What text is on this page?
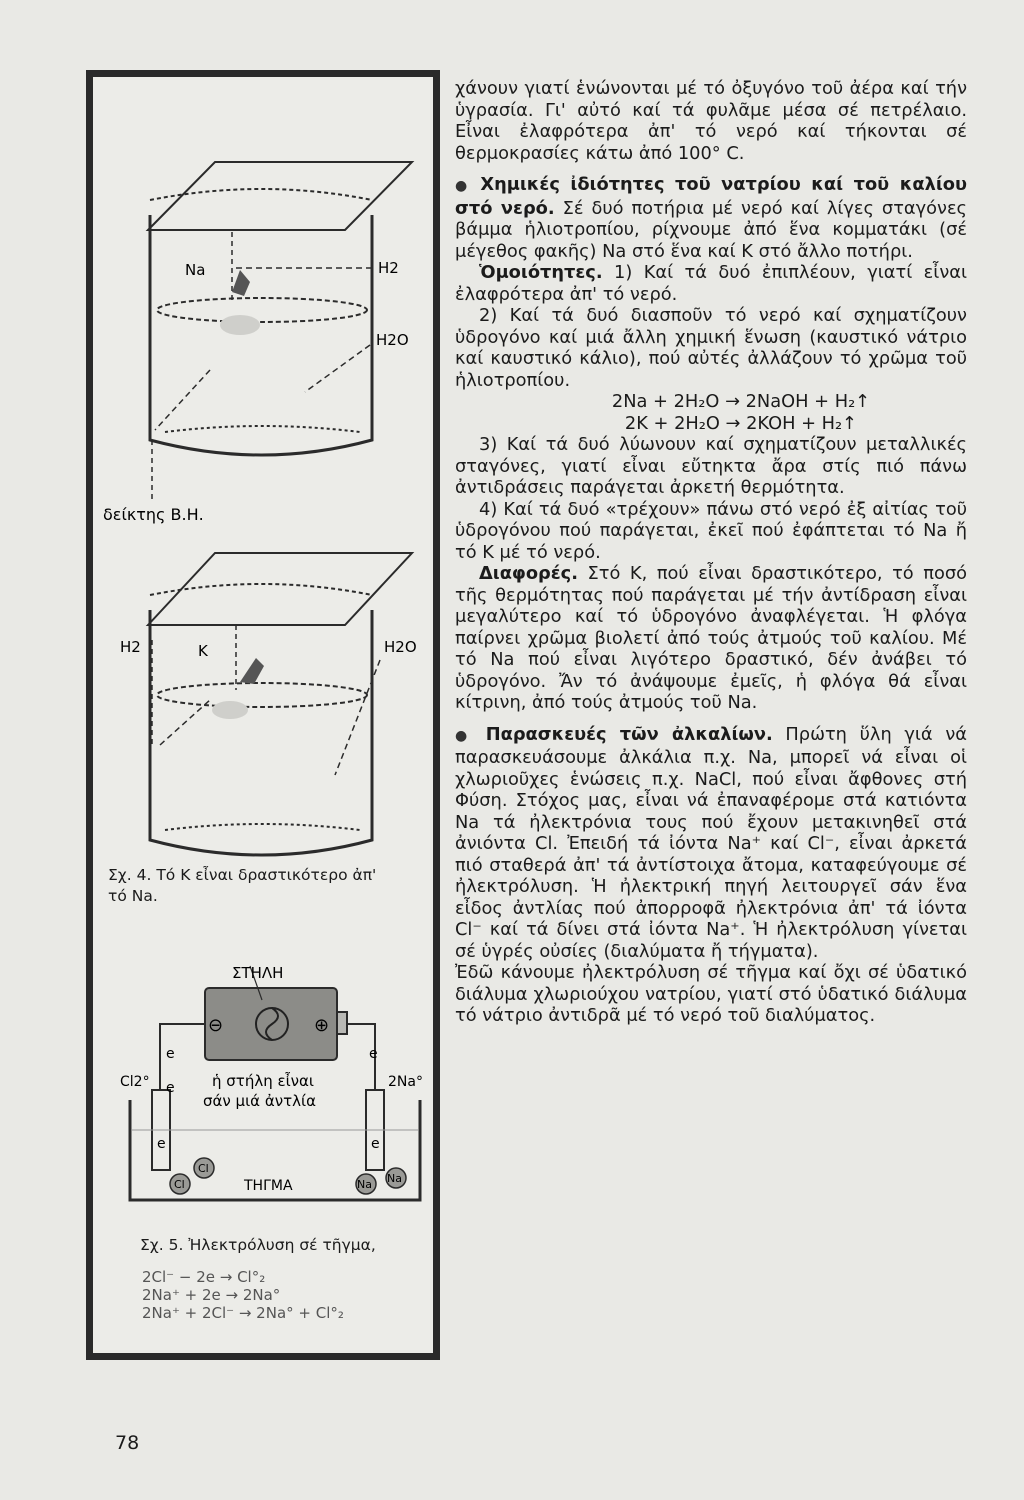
Na	H2
H2O
δείκτης Β.Η.
H2	K	H2O
ΣΤΗΛΗ
⊖	⊕
e	e
e
e	e
Cl2°	2Na°
ἡ στήλη εἶναι
σάν μιά ἀντλία
Cl
Cl	Na Na
ΤΗΓΜΑ
Σχ. 4. Τό Κ εἶναι δραστικότερο ἀπ'
τό Na.
Σχ. 5. Ἠλεκτρόλυση σέ τῆγμα,
2Cl⁻ − 2e → Cl°₂
2Na⁺ + 2e → 2Na°
2Na⁺ + 2Cl⁻ → 2Na° + Cl°₂

χάνουν γιατί ἑνώνονται μέ τό ὀξυγόνο τοῦ ἀέρα καί τήν ὑγρασία. Γι' αὐτό καί τά φυλᾶμε μέσα σέ πετρέλαιο. Εἶναι ἐλαφρότερα ἀπ' τό νερό καί τήκονται σέ θερμοκρασίες κάτω ἀπό 100° C.

● Χημικές ἰδιότητες τοῦ νατρίου καί τοῦ καλίου στό νερό. Σέ δυό ποτήρια μέ νερό καί λίγες σταγόνες βάμμα ἡλιοτροπίου, ρίχνουμε ἀπό ἕνα κομματάκι (σέ μέγεθος φακῆς) Na στό ἕνα καί K στό ἄλλο ποτήρι.

Ὁμοιότητες. 1) Καί τά δυό ἐπιπλέουν, γιατί εἶναι ἐλαφρότερα ἀπ' τό νερό.

2) Καί τά δυό διασποῦν τό νερό καί σχηματίζουν ὑδρογόνο καί μιά ἄλλη χημική ἕνωση (καυστικό νάτριο καί καυστικό κάλιο), πού αὐτές ἀλλάζουν τό χρῶμα τοῦ ἡλιοτροπίου.

2Na + 2H₂O → 2NaOH + H₂↑

2K + 2H₂O → 2KOH + H₂↑

3) Καί τά δυό λύωνουν καί σχηματίζουν μεταλλικές σταγόνες, γιατί εἶναι εὔτηκτα ἄρα στίς πιό πάνω ἀντιδράσεις παράγεται ἀρκετή θερμότητα.

4) Καί τά δυό «τρέχουν» πάνω στό νερό ἐξ αἰτίας τοῦ ὑδρογόνου πού παράγεται, ἐκεῖ πού ἐφάπτεται τό Na ἤ τό K μέ τό νερό.

Διαφορές. Στό K, πού εἶναι δραστικότερο, τό ποσό τῆς θερμότητας πού παράγεται μέ τήν ἀντίδραση εἶναι μεγαλύτερο καί τό ὑδρογόνο ἀναφλέγεται. Ἡ φλόγα παίρνει χρῶμα βιολετί ἀπό τούς ἀτμούς τοῦ καλίου. Μέ τό Na πού εἶναι λιγότερο δραστικό, δέν ἀνάβει τό ὑδρογόνο. Ἄν τό ἀνάψουμε ἐμεῖς, ἡ φλόγα θά εἶναι κίτρινη, ἀπό τούς ἀτμούς τοῦ Na.

● Παρασκευές τῶν ἀλκαλίων. Πρώτη ὕλη γιά νά παρασκευάσουμε ἀλκάλια π.χ. Na, μπορεῖ νά εἶναι οἱ χλωριοῦχες ἑνώσεις π.χ. NaCl, πού εἶναι ἄφθονες στή Φύση. Στόχος μας, εἶναι νά ἐπαναφέρομε στά κατιόντα Na τά ἠλεκτρόνια τους πού ἔχουν μετακινηθεῖ στά ἀνιόντα Cl. Ἐπειδή τά ἰόντα Na⁺ καί Cl⁻, εἶναι ἀρκετά πιό σταθερά ἀπ' τά ἀντίστοιχα ἄτομα, καταφεύγουμε σέ ἠλεκτρόλυση. Ἡ ἠλεκτρική πηγή λειτουργεῖ σάν ἕνα εἶδος ἀντλίας πού ἀπορροφᾶ ἠλεκτρόνια ἀπ' τά ἰόντα Cl⁻ καί τά δίνει στά ἰόντα Na⁺. Ἡ ἠλεκτρόλυση γίνεται σέ ὑγρές οὐσίες (διαλύματα ἤ τήγματα).

Ἐδῶ κάνουμε ἠλεκτρόλυση σέ τῆγμα καί ὄχι σέ ὑδατικό διάλυμα χλωριούχου νατρίου, γιατί στό ὑδατικό διάλυμα τό νάτριο ἀντιδρᾶ μέ τό νερό τοῦ διαλύματος.

78
